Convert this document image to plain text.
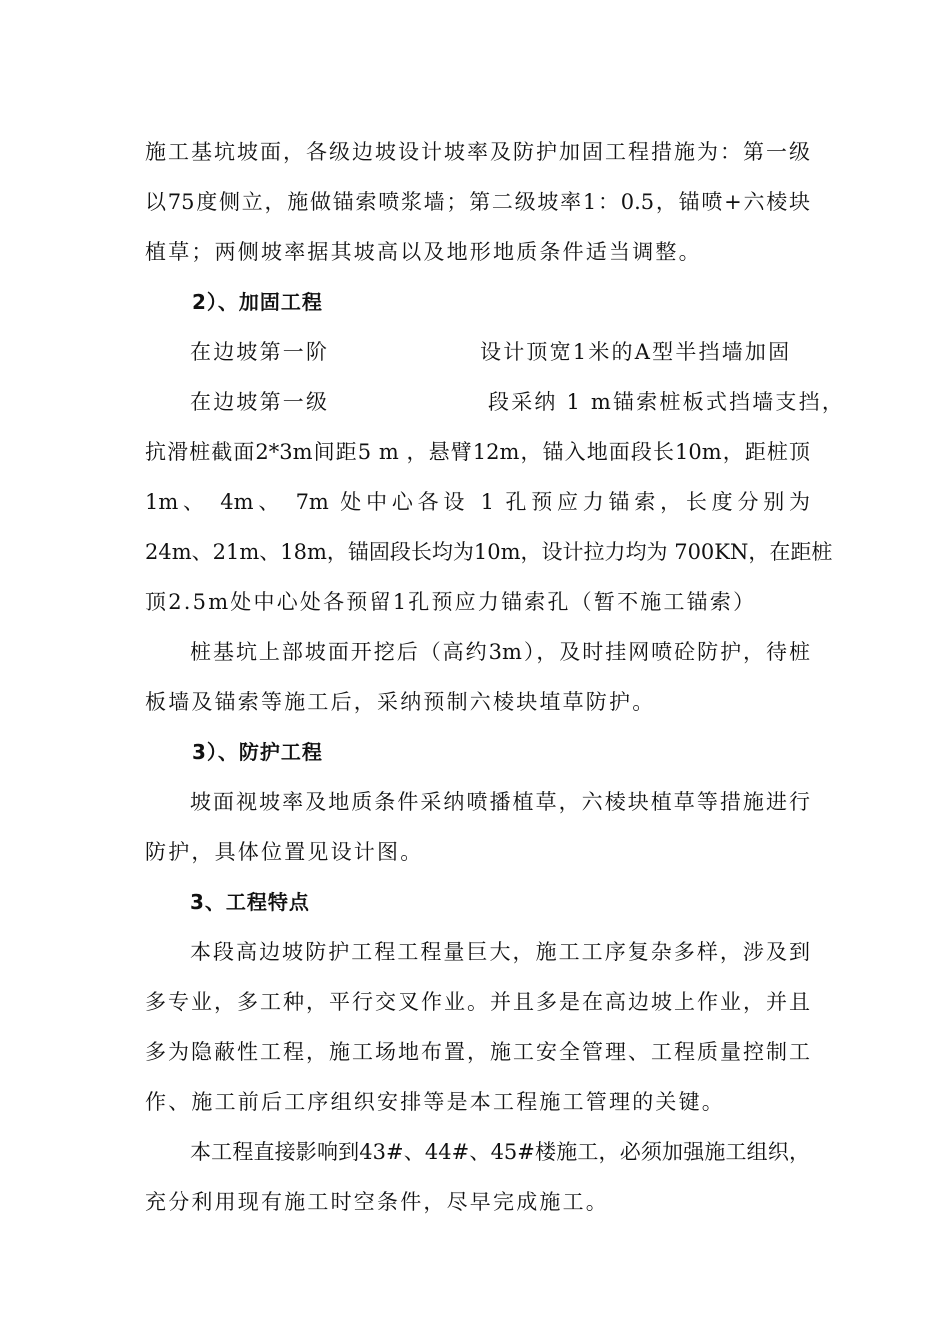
施工基坑坡面，各级边坡设计坡率及防护加固工程措施为：第一级
以75度侧立，施做锚索喷浆墙；第二级坡率1：0.5，锚喷+六棱块
植草；两侧坡率据其坡高以及地形地质条件适当调整。
2）、加固工程
在边坡第一阶	设计顶宽1米的A型半挡墙加固
在边坡第一级	段采纳 1 m锚索桩板式挡墙支挡，
抗滑桩截面2*3m间距5 m ，悬臂12m，锚入地面段长10m，距桩顶
1m、 4m、 7m 处中心各设 1 孔预应力锚索，长度分别为
24m、21m、18m，锚固段长均为10m，设计拉力均为 700KN，在距桩
顶2.5m处中心处各预留1孔预应力锚索孔（暂不施工锚索）
桩基坑上部坡面开挖后（高约3m），及时挂网喷砼防护，待桩
板墙及锚索等施工后，采纳预制六棱块埴草防护。
3）、防护工程
坡面视坡率及地质条件采纳喷播植草，六棱块植草等措施进行
防护，具体位置见设计图。
3、工程特点
本段高边坡防护工程工程量巨大，施工工序复杂多样，涉及到
多专业，多工种，平行交叉作业。并且多是在高边坡上作业，并且
多为隐蔽性工程，施工场地布置，施工安全管理、工程质量控制工
作、施工前后工序组织安排等是本工程施工管理的关键。
本工程直接影响到43#、44#、45#楼施工，必须加强施工组织，
充分利用现有施工时空条件，尽早完成施工。
